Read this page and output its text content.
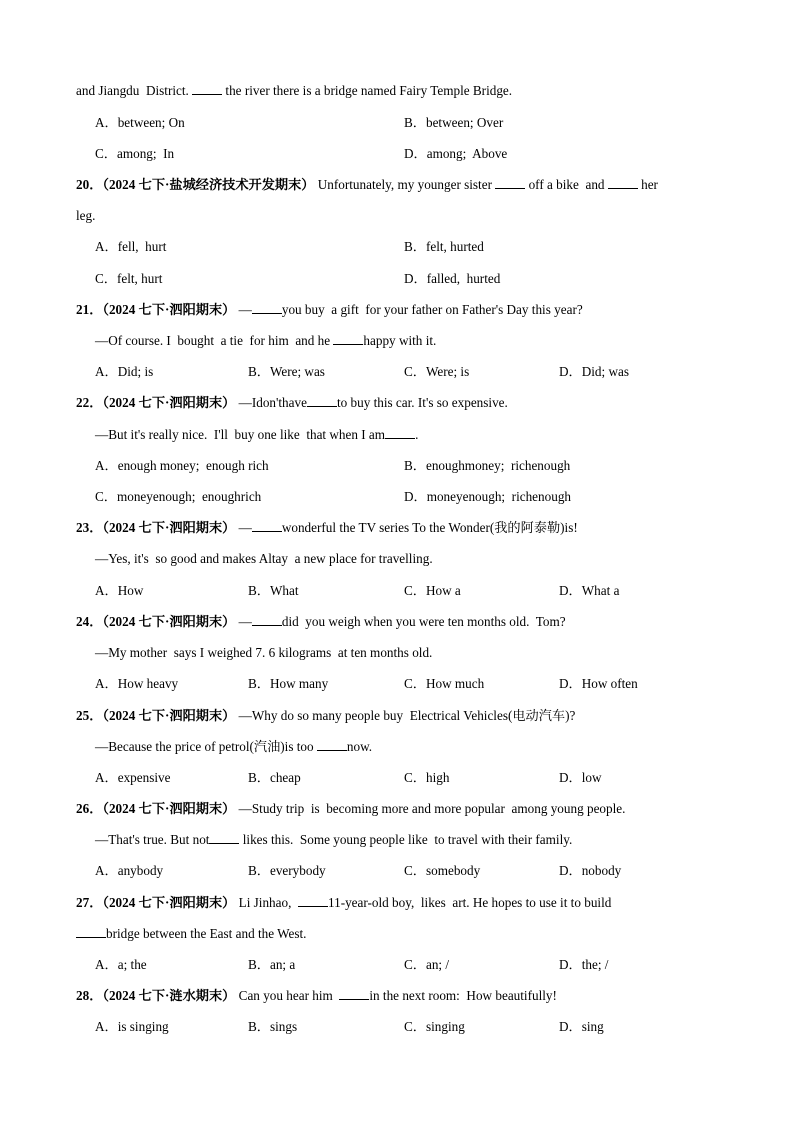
and Jiangdu  District.  the river there is a bridge named Fairy Temple Bridge.
A．between; On	B．between; Over
C．among;  In	D．among;  Above
20．（2024 七下·盐城经济技术开发期末） Unfortunately, my younger sister  off a bike  and  her
leg.
A．fell,  hurt	B．felt, hurted
C．felt, hurt	D．falled,  hurted
21．（2024 七下·泗阳期末） — you buy  a gift  for your father on Father's Day this year?
—Of course. I  bought  a tie  for him  and he happy with it.
A．Did; is	B．Were; was	C．Were; is	D．Did; was
22．（2024 七下·泗阳期末） —Idon'thave to buy this car. It's so expensive.
—But it's really nice.  I'll  buy one like  that when I am .
A．enough money;  enough rich	B．enoughmoney;  richenough
C．moneyenough;  enoughrich	D．moneyenough;  richenough
23．（2024 七下·泗阳期末） — wonderful the TV series To the Wonder(我的阿泰勒)is!
—Yes, it's  so good and makes Altay  a new place for travelling.
A．How	B．What	C．How a	D．What a
24．（2024 七下·泗阳期末） — did  you weigh when you were ten months old.  Tom?
—My mother  says I weighed 7. 6 kilograms  at ten months old.
A．How heavy	B．How many	C．How much	D．How often
25．（2024 七下·泗阳期末） —Why do so many people buy  Electrical Vehicles(电动汽车)?
—Because the price of petrol(汽油)is too now.
A．expensive	B．cheap	C．high	D．low
26．（2024 七下·泗阳期末） —Study trip  is  becoming more and more popular  among young people.
—That's true. But not likes this.  Some young people like  to travel with their family.
A．anybody	B．everybody	C．somebody	D．nobody
27．（2024 七下·泗阳期末） Li Jinhao,  11-year-old boy,  likes  art. He hopes to use it to build
bridge between the East and the West.
A．a; the	B．an; a	C．an; /	D．the; /
28．（2024 七下·涟水期末） Can you hear him  in the next room:  How beautifully!
A．is singing	B．sings	C．singing	D．sing
